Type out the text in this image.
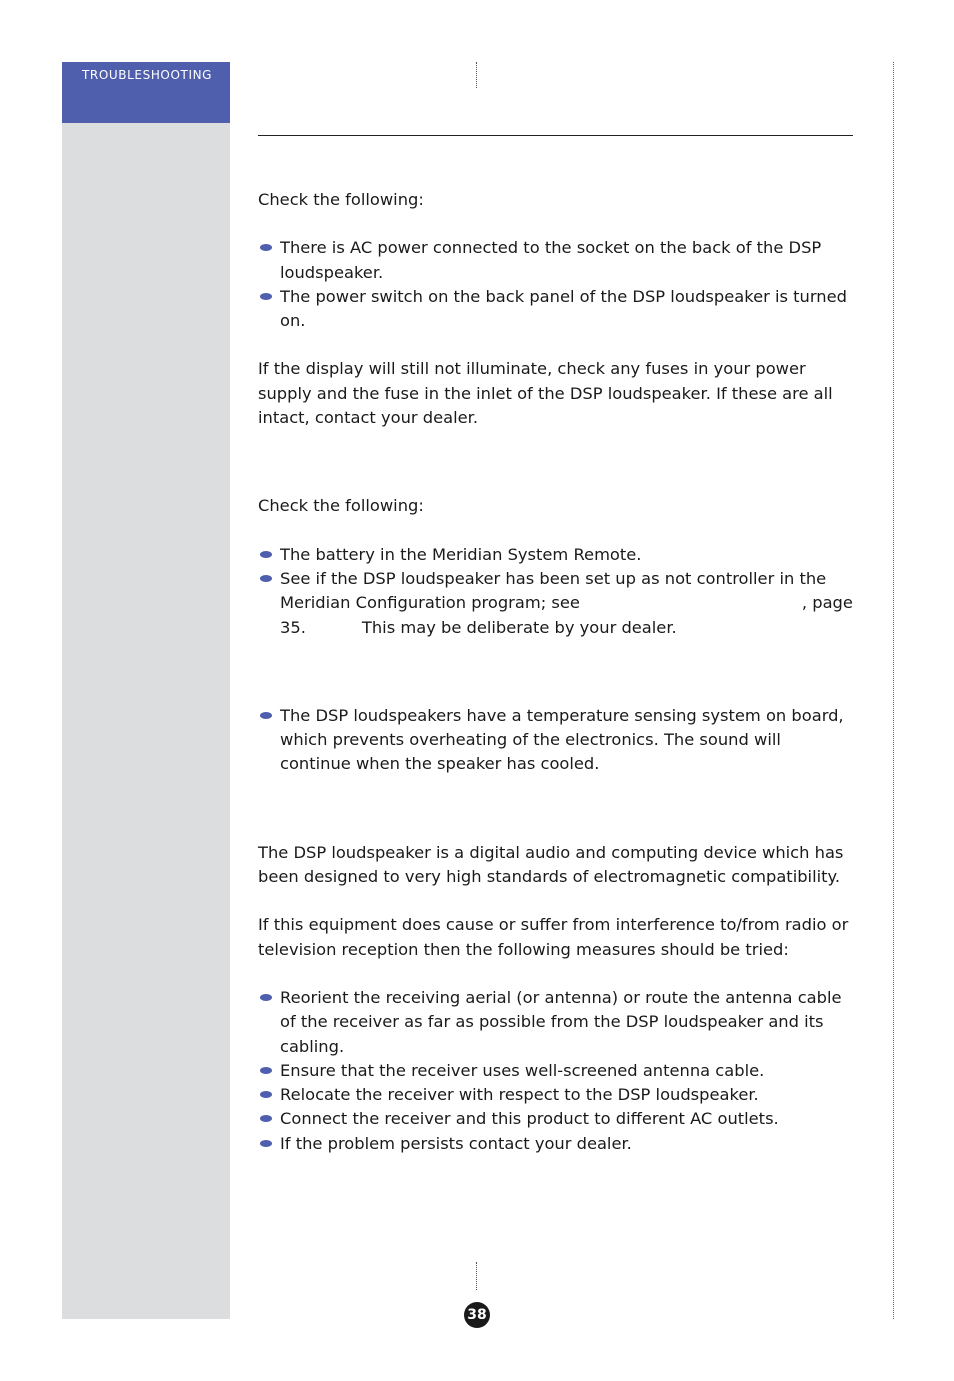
TROUBLESHOOTING

Check the following:

There is AC power connected to the socket on the back of the DSP loudspeaker.
The power switch on the back panel of the DSP loudspeaker is turned on.

If the display will still not illuminate, check any fuses in your power supply and the fuse in the inlet of the DSP loudspeaker. If these are all intact, contact your dealer.

Check the following:

The battery in the Meridian System Remote.
See if the DSP loudspeaker has been set up as not controller in the Meridian Configuration program; see	, page 35.	This may be deliberate by your dealer.
The DSP loudspeakers have a temperature sensing system on board, which prevents overheating of the electronics. The sound will continue when the speaker has cooled.

The DSP loudspeaker is a digital audio and computing device which has been designed to very high standards of electromagnetic compatibility.

If this equipment does cause or suffer from interference to/from radio or television reception then the following measures should be tried:

Reorient the receiving aerial (or antenna) or route the antenna cable of the receiver as far as possible from the DSP loudspeaker and its cabling.
Ensure that the receiver uses well-screened antenna cable.
Relocate the receiver with respect to the DSP loudspeaker.
Connect the receiver and this product to different AC outlets.
If the problem persists contact your dealer.
38
